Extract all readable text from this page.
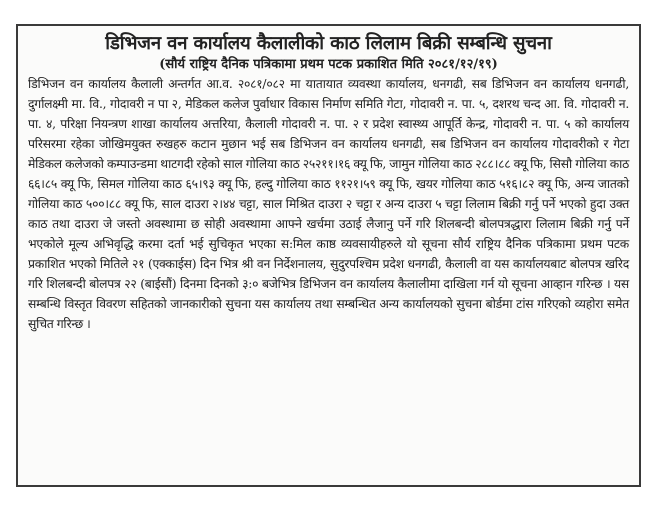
डिभिजन वन कार्यालय कैलालीको काठ लिलाम बिक्री सम्बन्धि सुचना
(सौर्य राष्ट्रिय दैनिक पत्रिकामा प्रथम पटक प्रकाशित मिति २०८१/१२/१९)

डिभिजन वन कार्यालय कैलाली अन्तर्गत आ.व. २०८१/०८२ मा यातायात व्यवस्था कार्यालय, धनगढी, सब डिभिजन वन कार्यालय धनगढी, दुर्गालक्ष्मी मा. वि., गोदावरी न पा २, मेडिकल कलेज पुर्वाधार विकास निर्माण समिति गेटा, गोदावरी न. पा. ५, दशरथ चन्द आ. वि. गोदावरी न. पा. ४, परिक्षा नियन्त्रण शाखा कार्यालय अत्तरिया, कैलाली गोदावरी न. पा. २ र प्रदेश स्वास्थ्य आपूर्ति केन्द्र, गोदावरी न. पा. ५ को कार्यालय परिसरमा रहेका जोखिमयुक्त रुखहरु कटान मुछान भई सब डिभिजन वन कार्यालय धनगढी, सब डिभिजन वन कार्यालय गोदावरीको र गेटा मेडिकल कलेजको कम्पाउन्डमा थाटगदी रहेको साल गोलिया काठ २५२११।१६ क्यू फि, जामुन गोलिया काठ २८८।८८ क्यू फि, सिसौ गोलिया काठ ६६।८५ क्यू फि, सिमल गोलिया काठ ६५।९३ क्यू फि, हल्दु गोलिया काठ ११२१।५९ क्यू फि, खयर गोलिया काठ ५१६।८२ क्यू फि, अन्य जातको गोलिया काठ ५००।८८ क्यू फि, साल दाउरा २।४४ चट्टा, साल मिश्रित दाउरा २ चट्टा र अन्य दाउरा ५ चट्टा लिलाम बिक्री गर्नु पर्ने भएको हुदा उक्त काठ तथा दाउरा जे जस्तो अवस्थामा छ सोही अवस्थामा आफ्ने खर्चमा उठाई लैजानु पर्ने गरि शिलबन्दी बोलपत्रद्धारा लिलाम बिक्री गर्नु पर्ने भएकोले मूल्य अभिवृद्धि करमा दर्ता भई सुचिकृत भएका स:मिल काष्ठ व्यवसायीहरुले यो सूचना सौर्य राष्ट्रिय दैनिक पत्रिकामा प्रथम पटक प्रकाशित भएको मितिले २१ (एक्काईस) दिन भित्र श्री वन निर्देशनालय, सुदुरपश्चिम प्रदेश धनगढी, कैलाली वा यस कार्यालयबाट बोलपत्र खरिद गरि शिलबन्दी बोलपत्र २२ (बाईसौं) दिनमा दिनको ३:० बजेभित्र डिभिजन वन कार्यालय कैलालीमा दाखिला गर्न यो सूचना आव्हान गरिन्छ । यस सम्बन्धि विस्तृत विवरण सहितको जानकारीको सुचना यस कार्यालय तथा सम्बन्धित अन्य कार्यालयको सुचना बोर्डमा टांस गरिएको व्यहोरा समेत सुचित गरिन्छ ।
